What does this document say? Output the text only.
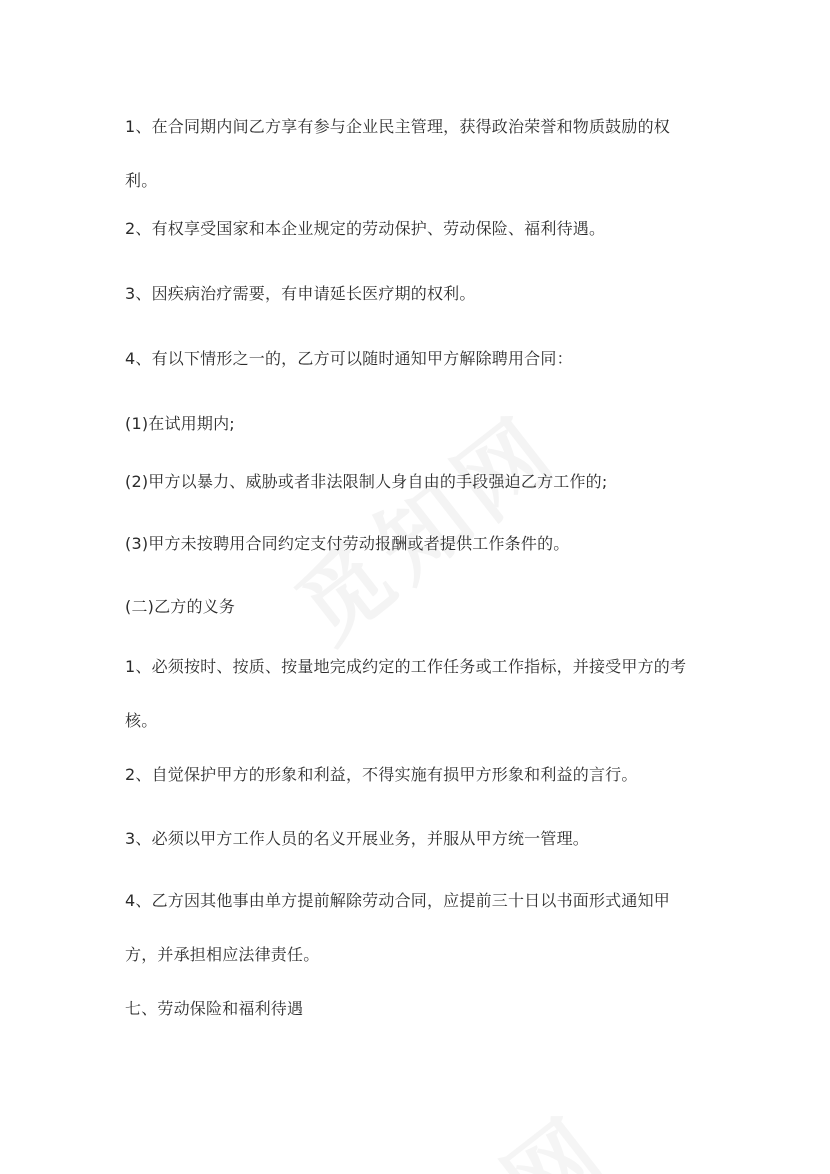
1、在合同期内间乙方享有参与企业民主管理，获得政治荣誉和物质鼓励的权利。

2、有权享受国家和本企业规定的劳动保护、劳动保险、福利待遇。

3、因疾病治疗需要，有申请延长医疗期的权利。

4、有以下情形之一的，乙方可以随时通知甲方解除聘用合同：

(1)在试用期内;

(2)甲方以暴力、威胁或者非法限制人身自由的手段强迫乙方工作的;

(3)甲方未按聘用合同约定支付劳动报酬或者提供工作条件的。

(二)乙方的义务

1、必须按时、按质、按量地完成约定的工作任务或工作指标，并接受甲方的考核。

2、自觉保护甲方的形象和利益，不得实施有损甲方形象和利益的言行。

3、必须以甲方工作人员的名义开展业务，并服从甲方统一管理。

4、乙方因其他事由单方提前解除劳动合同，应提前三十日以书面形式通知甲方，并承担相应法律责任。

七、劳动保险和福利待遇
